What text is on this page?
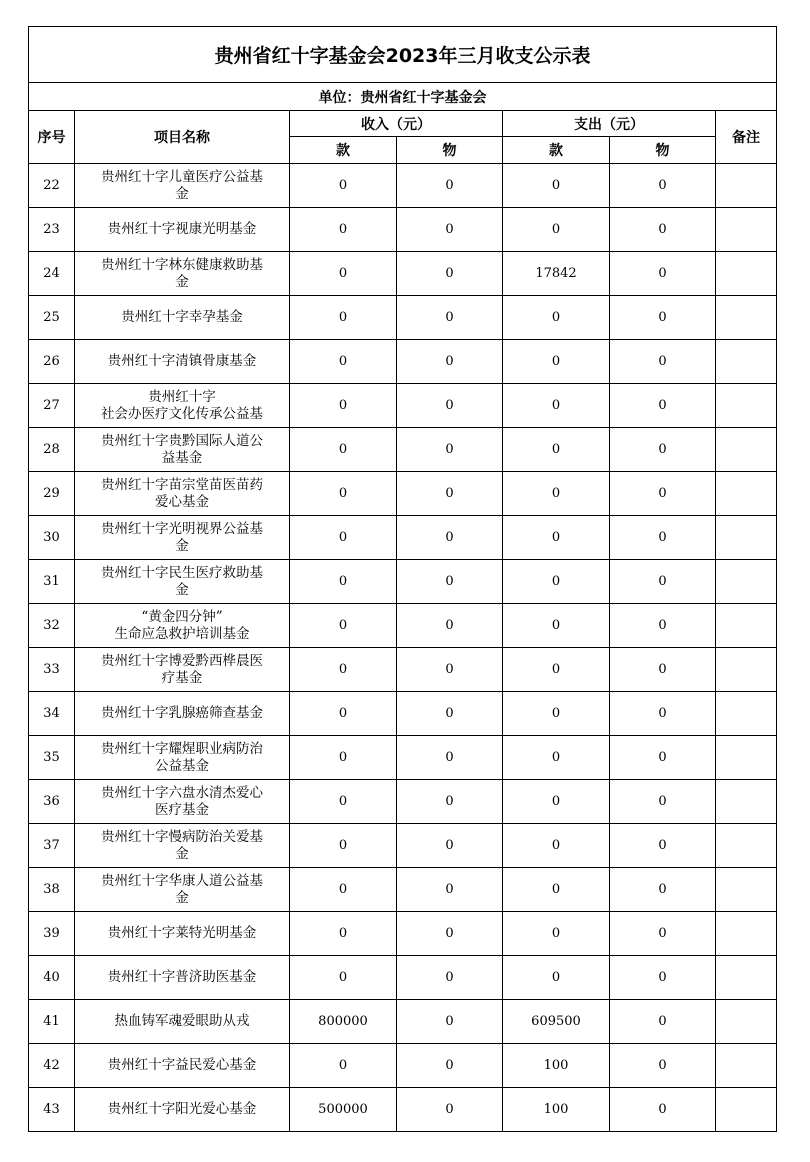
贵州省红十字基金会2023年三月收支公示表						
单位：贵州省红十字基金会						
序号	项目名称	收入（元）		支出（元）		备注
		款	物	款	物	
22	贵州红十字儿童医疗公益基
金	0	0	0	0	
23	贵州红十字视康光明基金	0	0	0	0	
24	贵州红十字林东健康救助基
金	0	0	17842	0	
25	贵州红十字幸孕基金	0	0	0	0	
26	贵州红十字清镇骨康基金	0	0	0	0	
27	贵州红十字
社会办医疗文化传承公益基	0	0	0	0	
28	贵州红十字贵黔国际人道公
益基金	0	0	0	0	
29	贵州红十字苗宗堂苗医苗药
爱心基金	0	0	0	0	
30	贵州红十字光明视界公益基
金	0	0	0	0	
31	贵州红十字民生医疗救助基
金	0	0	0	0	
32	“黄金四分钟”
生命应急救护培训基金	0	0	0	0	
33	贵州红十字博爱黔西桦晨医
疗基金	0	0	0	0	
34	贵州红十字乳腺癌筛查基金	0	0	0	0	
35	贵州红十字耀煋职业病防治
公益基金	0	0	0	0	
36	贵州红十字六盘水清杰爱心
医疗基金	0	0	0	0	
37	贵州红十字慢病防治关爱基
金	0	0	0	0	
38	贵州红十字华康人道公益基
金	0	0	0	0	
39	贵州红十字莱特光明基金	0	0	0	0	
40	贵州红十字普济助医基金	0	0	0	0	
41	热血铸军魂爱眼助从戎	800000	0	609500	0	
42	贵州红十字益民爱心基金	0	0	100	0	
43	贵州红十字阳光爱心基金	500000	0	100	0	
